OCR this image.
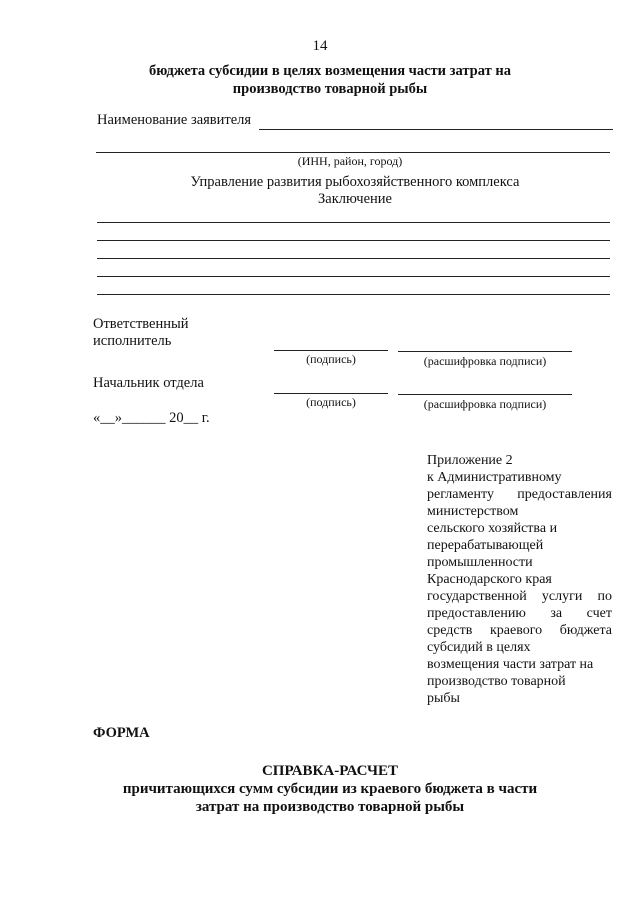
14
бюджета субсидии в целях возмещения части затрат на
производство товарной рыбы
Наименование заявителя
(ИНН, район, город)
Управление развития рыбохозяйственного комплекса
Заключение
Ответственный
исполнитель
(подпись)	(расшифровка подписи)
Начальник отдела
(подпись)	(расшифровка подписи)
«__»______ 20__ г.
Приложение 2
к Административному
регламенту предоставления
министерством
сельского хозяйства и
перерабатывающей
промышленности
Краснодарского края
государственной услуги по
предоставлению за счет
средств краевого бюджета
субсидий в целях
возмещения части затрат на
производство товарной
рыбы
ФОРМА
СПРАВКА-РАСЧЕТ
причитающихся сумм субсидии из краевого бюджета в части
затрат на производство товарной рыбы
